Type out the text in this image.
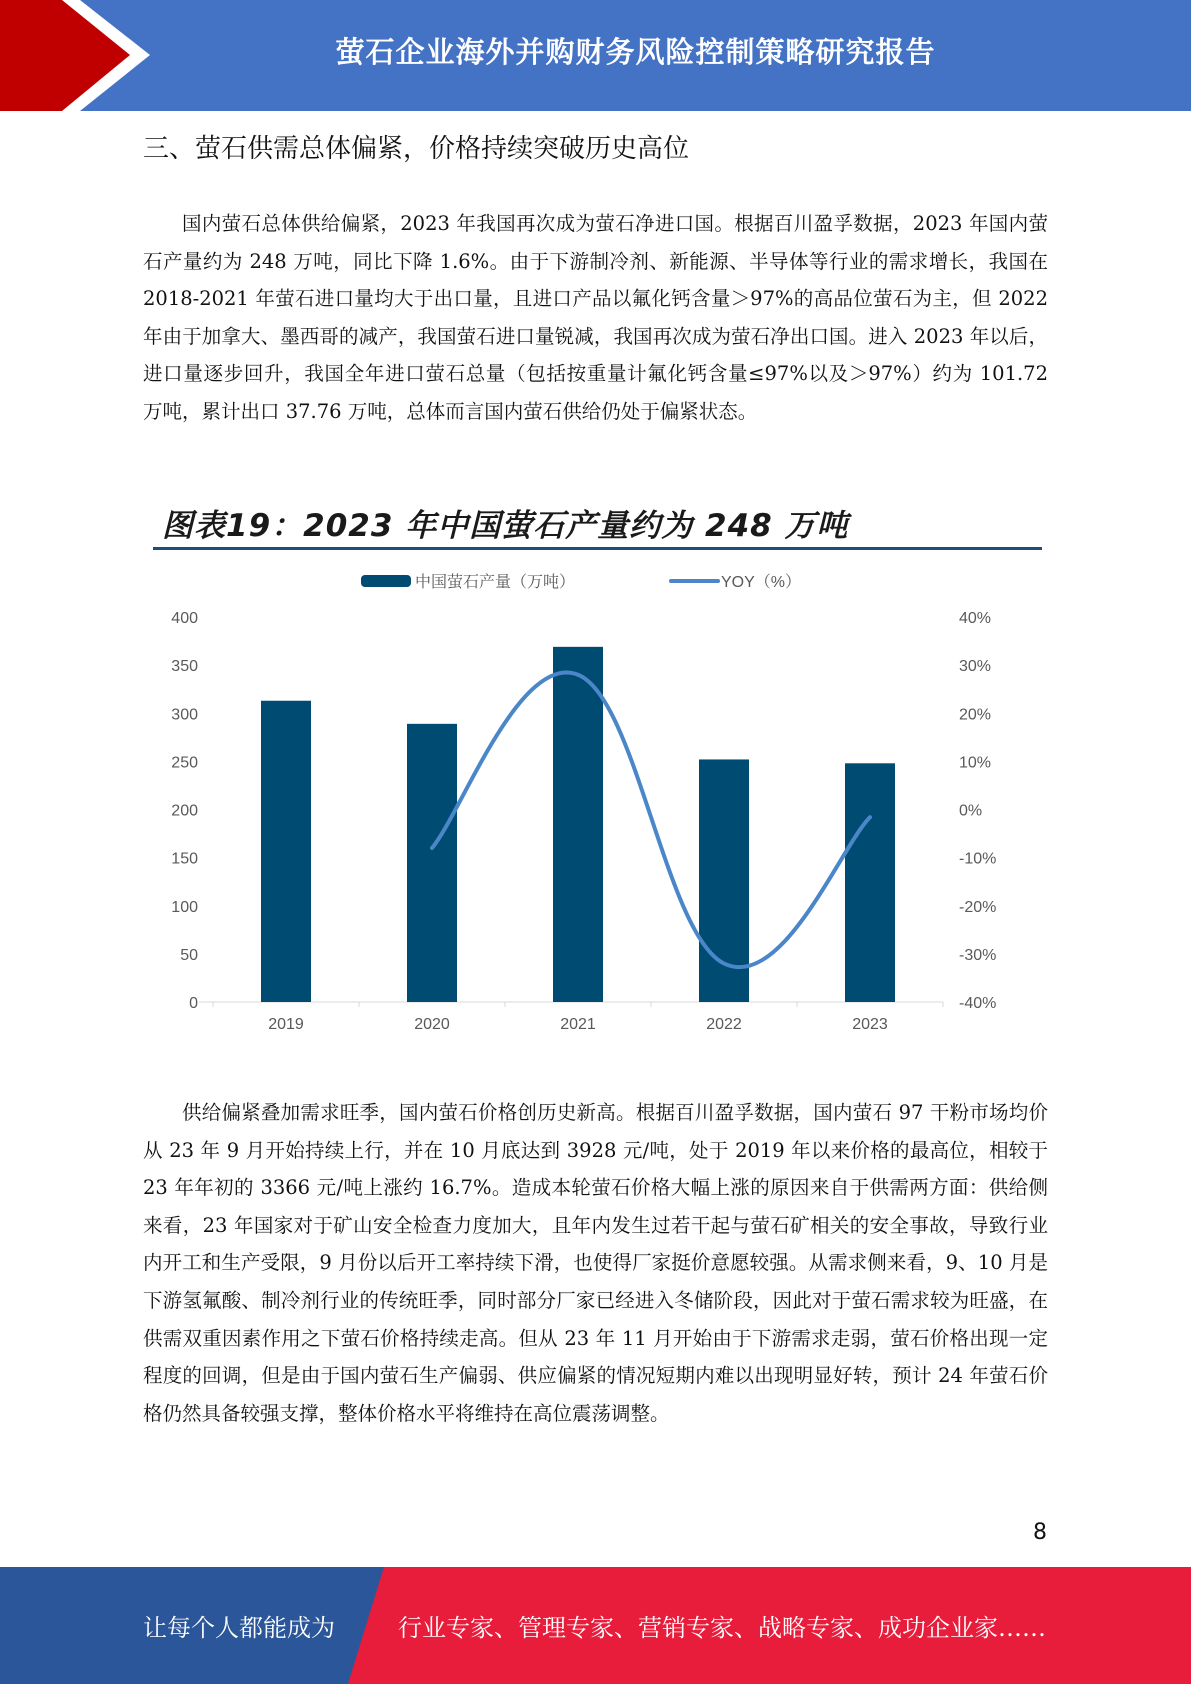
萤石企业海外并购财务风险控制策略研究报告
三、萤石供需总体偏紧，价格持续突破历史高位

国内萤石总体供给偏紧，2023 年我国再次成为萤石净进口国。根据百川盈孚数据，2023 年国内萤石产量约为 248 万吨，同比下降 1.6%。由于下游制冷剂、新能源、半导体等行业的需求增长，我国在 2018-2021 年萤石进口量均大于出口量，且进口产品以氟化钙含量＞97%的高品位萤石为主，但 2022 年由于加拿大、墨西哥的减产，我国萤石进口量锐减，我国再次成为萤石净出口国。进入 2023 年以后，进口量逐步回升，我国全年进口萤石总量（包括按重量计氟化钙含量≤97%以及＞97%）约为 101.72 万吨，累计出口 37.76 万吨，总体而言国内萤石供给仍处于偏紧状态。

图表19：2023 年中国萤石产量约为 248 万吨
中国萤石产量（万吨）	YOY（%）
0
50
100
150
200
250
300
350
400
-40%
-30%
-20%
-10%
0%
10%
20%
30%
40%
2019	2020	2021	2022	2023

供给偏紧叠加需求旺季，国内萤石价格创历史新高。根据百川盈孚数据，国内萤石 97 干粉市场均价从 23 年 9 月开始持续上行，并在 10 月底达到 3928 元/吨，处于 2019 年以来价格的最高位，相较于 23 年年初的 3366 元/吨上涨约 16.7%。造成本轮萤石价格大幅上涨的原因来自于供需两方面：供给侧来看，23 年国家对于矿山安全检查力度加大，且年内发生过若干起与萤石矿相关的安全事故，导致行业内开工和生产受限，9 月份以后开工率持续下滑，也使得厂家挺价意愿较强。从需求侧来看，9、10 月是下游氢氟酸、制冷剂行业的传统旺季，同时部分厂家已经进入冬储阶段，因此对于萤石需求较为旺盛，在供需双重因素作用之下萤石价格持续走高。但从 23 年 11 月开始由于下游需求走弱，萤石价格出现一定程度的回调，但是由于国内萤石生产偏弱、供应偏紧的情况短期内难以出现明显好转，预计 24 年萤石价格仍然具备较强支撑，整体价格水平将维持在高位震荡调整。

8
让每个人都能成为	行业专家、管理专家、营销专家、战略专家、成功企业家……
